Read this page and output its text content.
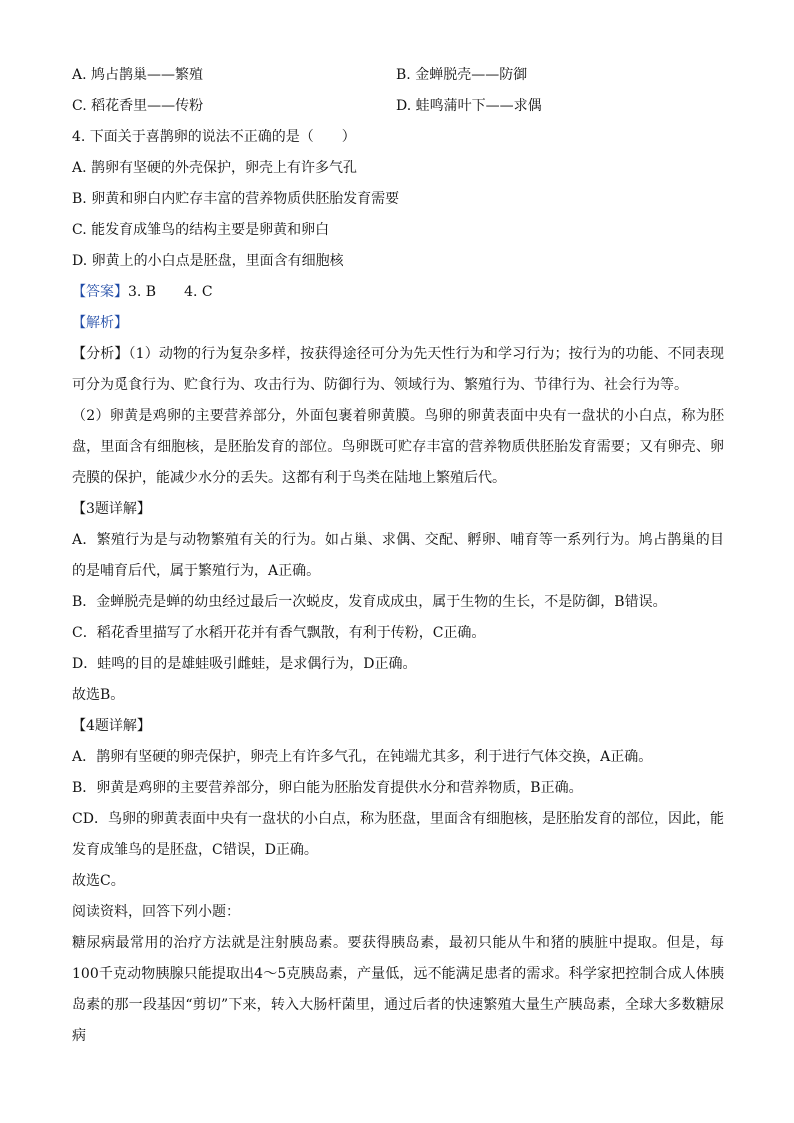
A. 鸠占鹊巢——繁殖	B. 金蝉脱壳——防御
C. 稻花香里——传粉	D. 蛙鸣蒲叶下——求偶
4. 下面关于喜鹊卵的说法不正确的是（　　）
A. 鹊卵有坚硬的外壳保护，卵壳上有许多气孔
B. 卵黄和卵白内贮存丰富的营养物质供胚胎发育需要
C. 能发育成雏鸟的结构主要是卵黄和卵白
D. 卵黄上的小白点是胚盘，里面含有细胞核
【答案】3. B　　4. C
【解析】
【分析】（1）动物的行为复杂多样，按获得途径可分为先天性行为和学习行为；按行为的功能、不同表现可分为觅食行为、贮食行为、攻击行为、防御行为、领域行为、繁殖行为、节律行为、社会行为等。
（2）卵黄是鸡卵的主要营养部分，外面包裹着卵黄膜。鸟卵的卵黄表面中央有一盘状的小白点，称为胚盘，里面含有细胞核，是胚胎发育的部位。鸟卵既可贮存丰富的营养物质供胚胎发育需要；又有卵壳、卵壳膜的保护，能减少水分的丢失。这都有利于鸟类在陆地上繁殖后代。
【3题详解】
A．繁殖行为是与动物繁殖有关的行为。如占巢、求偶、交配、孵卵、哺育等一系列行为。鸠占鹊巢的目的是哺育后代，属于繁殖行为，A正确。
B．金蝉脱壳是蝉的幼虫经过最后一次蜕皮，发育成成虫，属于生物的生长，不是防御，B错误。
C．稻花香里描写了水稻开花并有香气飘散，有利于传粉，C正确。
D．蛙鸣的目的是雄蛙吸引雌蛙，是求偶行为，D正确。
故选B。
【4题详解】
A．鹊卵有坚硬的卵壳保护，卵壳上有许多气孔，在钝端尤其多，利于进行气体交换，A正确。
B．卵黄是鸡卵的主要营养部分，卵白能为胚胎发育提供水分和营养物质，B正确。
CD．鸟卵的卵黄表面中央有一盘状的小白点，称为胚盘，里面含有细胞核，是胚胎发育的部位，因此，能发育成雏鸟的是胚盘，C错误，D正确。
故选C。
阅读资料，回答下列小题：
糖尿病最常用的治疗方法就是注射胰岛素。要获得胰岛素，最初只能从牛和猪的胰脏中提取。但是，每100千克动物胰腺只能提取出4～5克胰岛素，产量低，远不能满足患者的需求。科学家把控制合成人体胰岛素的那一段基因“剪切”下来，转入大肠杆菌里，通过后者的快速繁殖大量生产胰岛素，全球大多数糖尿病
